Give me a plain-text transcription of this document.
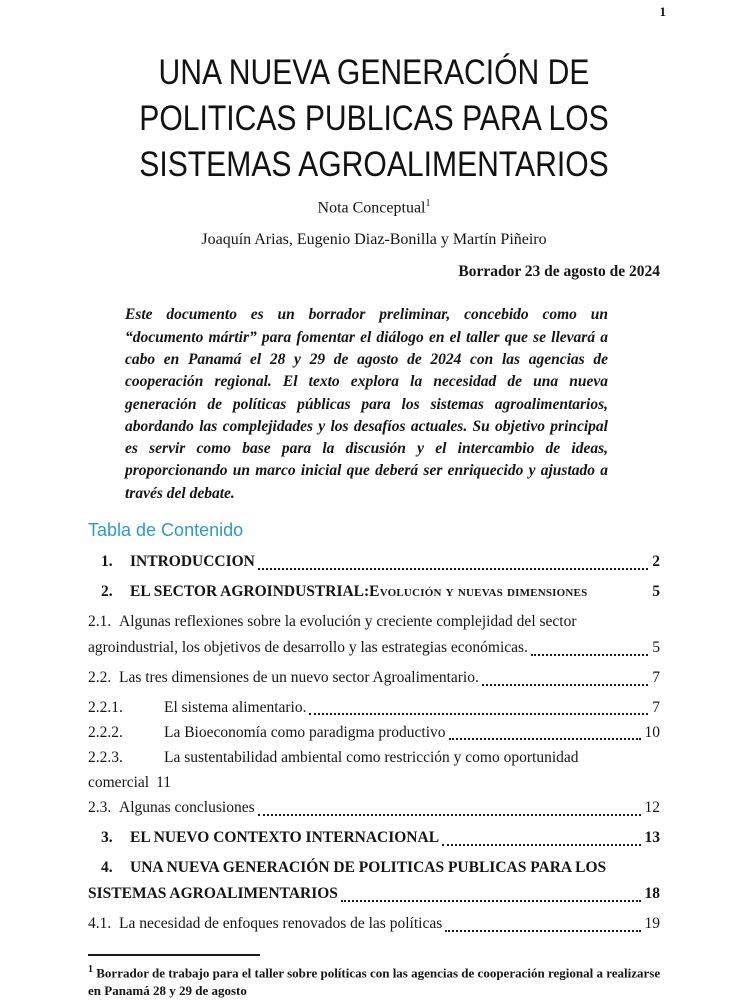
1
UNA NUEVA GENERACIÓN DE
POLITICAS PUBLICAS PARA LOS
SISTEMAS AGROALIMENTARIOS
Nota Conceptual$^1$
Joaquín Arias, Eugenio Diaz-Bonilla y Martín Piñeiro
Borrador 23 de agosto de 2024

Este documento es un borrador preliminar, concebido como un “documento mártir” para fomentar el diálogo en el taller que se llevará a cabo en Panamá el 28 y 29 de agosto de 2024 con las agencias de cooperación regional. El texto explora la necesidad de una nueva generación de políticas públicas para los sistemas agroalimentarios, abordando las complejidades y los desafíos actuales. Su objetivo principal es servir como base para la discusión y el intercambio de ideas, proporcionando un marco inicial que deberá ser enriquecido y ajustado a través del debate.

Tabla de Contenido
1.	INTRODUCCION	2
2.	EL SECTOR AGROINDUSTRIAL: Evolución y nuevas dimensiones	5
2.1. Algunas reflexiones sobre la evolución y creciente complejidad del sector
agroindustrial, los objetivos de desarrollo y las estrategias económicas.	5
2.2. Las tres dimensiones de un nuevo sector Agroalimentario.	7
2.2.1.	El sistema alimentario.	7
2.2.2.	La Bioeconomía como paradigma productivo	10
2.2.3.	La sustentabilidad ambiental como restricción y como oportunidad
comercial 11
2.3. Algunas conclusiones	12
3.	EL NUEVO CONTEXTO INTERNACIONAL	13
4.	UNA NUEVA GENERACIÓN DE POLITICAS PUBLICAS PARA LOS
SISTEMAS AGROALIMENTARIOS	18
4.1. La necesidad de enfoques renovados de las políticas	19
$^1$ Borrador de trabajo para el taller sobre políticas con las agencias de cooperación regional a realizarse en Panamá 28 y 29 de agosto
